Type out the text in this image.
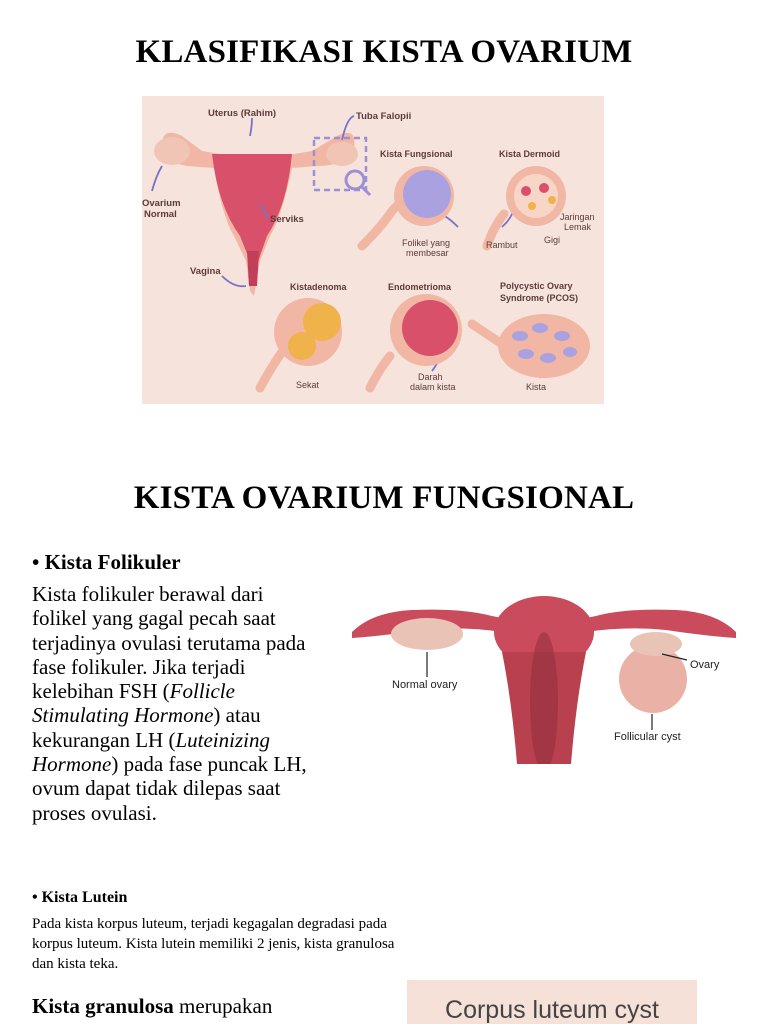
KLASIFIKASI KISTA OVARIUM
Uterus (Rahim)	Tuba Falopii
Ovarium
Normal	Serviks
Vagina
Kista Fungsional
Folikel yang
membesar
Kista Dermoid
Rambut	Gigi
Jaringan
Lemak
Kistadenoma
Sekat
Endometrioma
Darah
dalam kista
Polycystic Ovary
Syndrome (PCOS)
Kista
KISTA OVARIUM FUNGSIONAL
• Kista Folikuler
Kista folikuler berawal dari
folikel yang gagal pecah saat
terjadinya ovulasi terutama pada
fase folikuler. Jika terjadi
kelebihan FSH (Follicle
Stimulating Hormone) atau
kekurangan LH (Luteinizing
Hormone) pada fase puncak LH,
ovum dapat tidak dilepas saat
proses ovulasi.
Normal ovary
Ovary
Follicular cyst
• Kista Lutein
Pada kista korpus luteum, terjadi kegagalan degradasi pada
korpus luteum. Kista lutein memiliki 2 jenis, kista granulosa
dan kista teka.
Kista granulosa merupakan	Corpus luteum cyst
